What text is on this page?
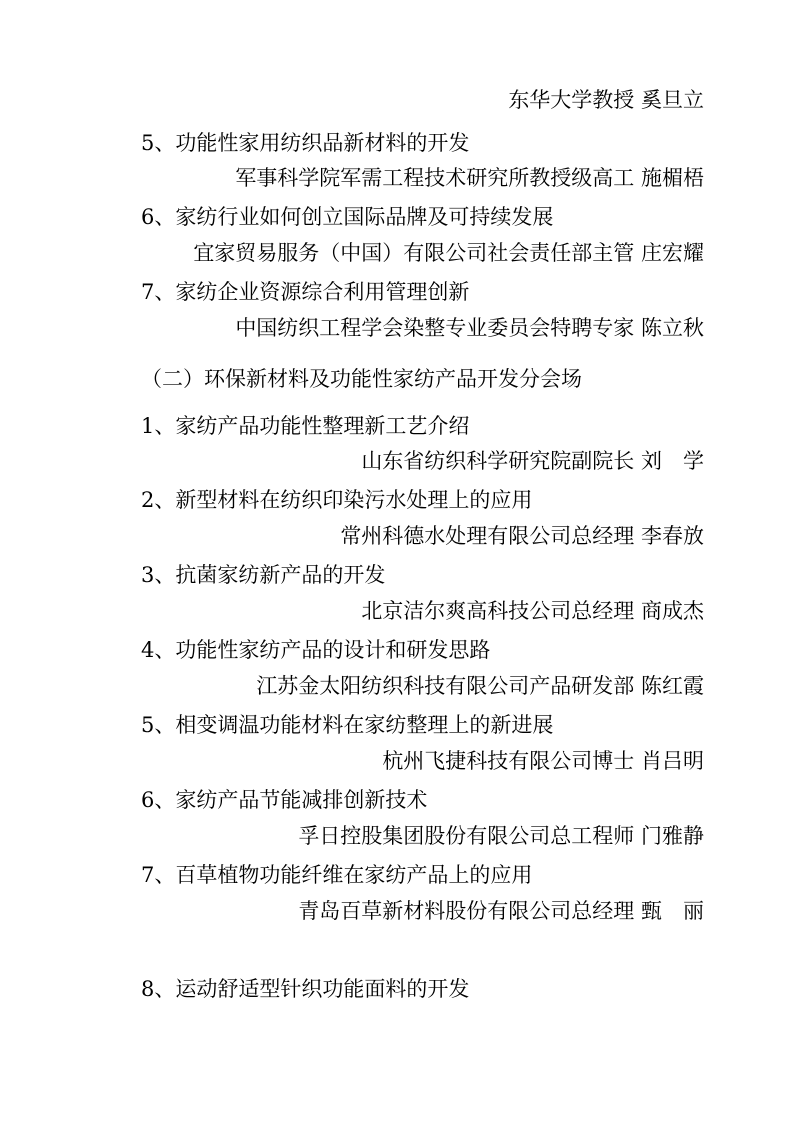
东华大学教授 奚旦立
5、功能性家用纺织品新材料的开发
军事科学院军需工程技术研究所教授级高工 施楣梧
6、家纺行业如何创立国际品牌及可持续发展
宜家贸易服务（中国）有限公司社会责任部主管 庄宏耀
7、家纺企业资源综合利用管理创新
中国纺织工程学会染整专业委员会特聘专家 陈立秋
（二）环保新材料及功能性家纺产品开发分会场
1、家纺产品功能性整理新工艺介绍
山东省纺织科学研究院副院长 刘　学
2、新型材料在纺织印染污水处理上的应用
常州科德水处理有限公司总经理 李春放
3、抗菌家纺新产品的开发
北京洁尔爽高科技公司总经理 商成杰
4、功能性家纺产品的设计和研发思路
江苏金太阳纺织科技有限公司产品研发部 陈红霞
5、相变调温功能材料在家纺整理上的新进展
杭州飞捷科技有限公司博士 肖吕明
6、家纺产品节能减排创新技术
孚日控股集团股份有限公司总工程师 门雅静
7、百草植物功能纤维在家纺产品上的应用
青岛百草新材料股份有限公司总经理 甄　丽
8、运动舒适型针织功能面料的开发
